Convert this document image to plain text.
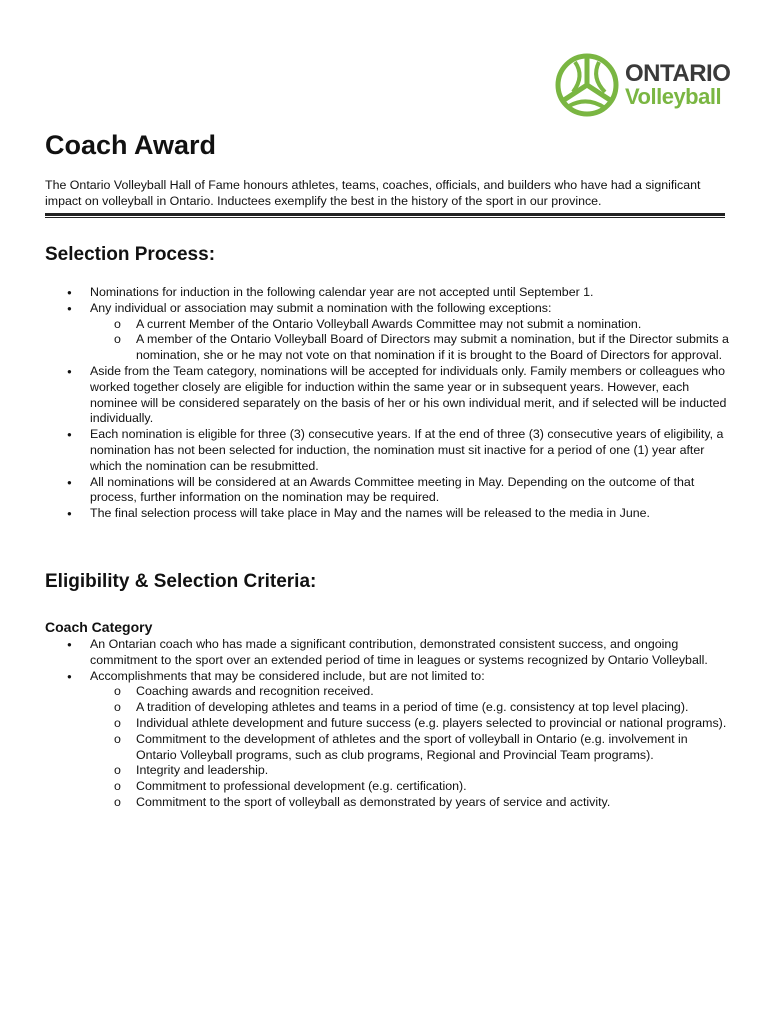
ONTARIO
Volleyball
Coach Award

The Ontario Volleyball Hall of Fame honours athletes, teams, coaches, officials, and builders who have had a significant impact on volleyball in Ontario. Inductees exemplify the best in the history of the sport in our province.

Selection Process:
● Nominations for induction in the following calendar year are not accepted until September 1.
● Any individual or association may submit a nomination with the following exceptions:
o A current Member of the Ontario Volleyball Awards Committee may not submit a nomination.
o A member of the Ontario Volleyball Board of Directors may submit a nomination, but if the Director submits a nomination, she or he may not vote on that nomination if it is brought to the Board of Directors for approval.
● Aside from the Team category, nominations will be accepted for individuals only. Family members or colleagues who worked together closely are eligible for induction within the same year or in subsequent years. However, each nominee will be considered separately on the basis of her or his own individual merit, and if selected will be inducted individually.
● Each nomination is eligible for three (3) consecutive years. If at the end of three (3) consecutive years of eligibility, a nomination has not been selected for induction, the nomination must sit inactive for a period of one (1) year after which the nomination can be resubmitted.
● All nominations will be considered at an Awards Committee meeting in May. Depending on the outcome of that process, further information on the nomination may be required.
● The final selection process will take place in May and the names will be released to the media in June.
Eligibility & Selection Criteria:
Coach Category
● An Ontarian coach who has made a significant contribution, demonstrated consistent success, and ongoing commitment to the sport over an extended period of time in leagues or systems recognized by Ontario Volleyball.
● Accomplishments that may be considered include, but are not limited to:
o Coaching awards and recognition received.
o A tradition of developing athletes and teams in a period of time (e.g. consistency at top level placing).
o Individual athlete development and future success (e.g. players selected to provincial or national programs).
o Commitment to the development of athletes and the sport of volleyball in Ontario (e.g. involvement in Ontario Volleyball programs, such as club programs, Regional and Provincial Team programs).
o Integrity and leadership.
o Commitment to professional development (e.g. certification).
o Commitment to the sport of volleyball as demonstrated by years of service and activity.
